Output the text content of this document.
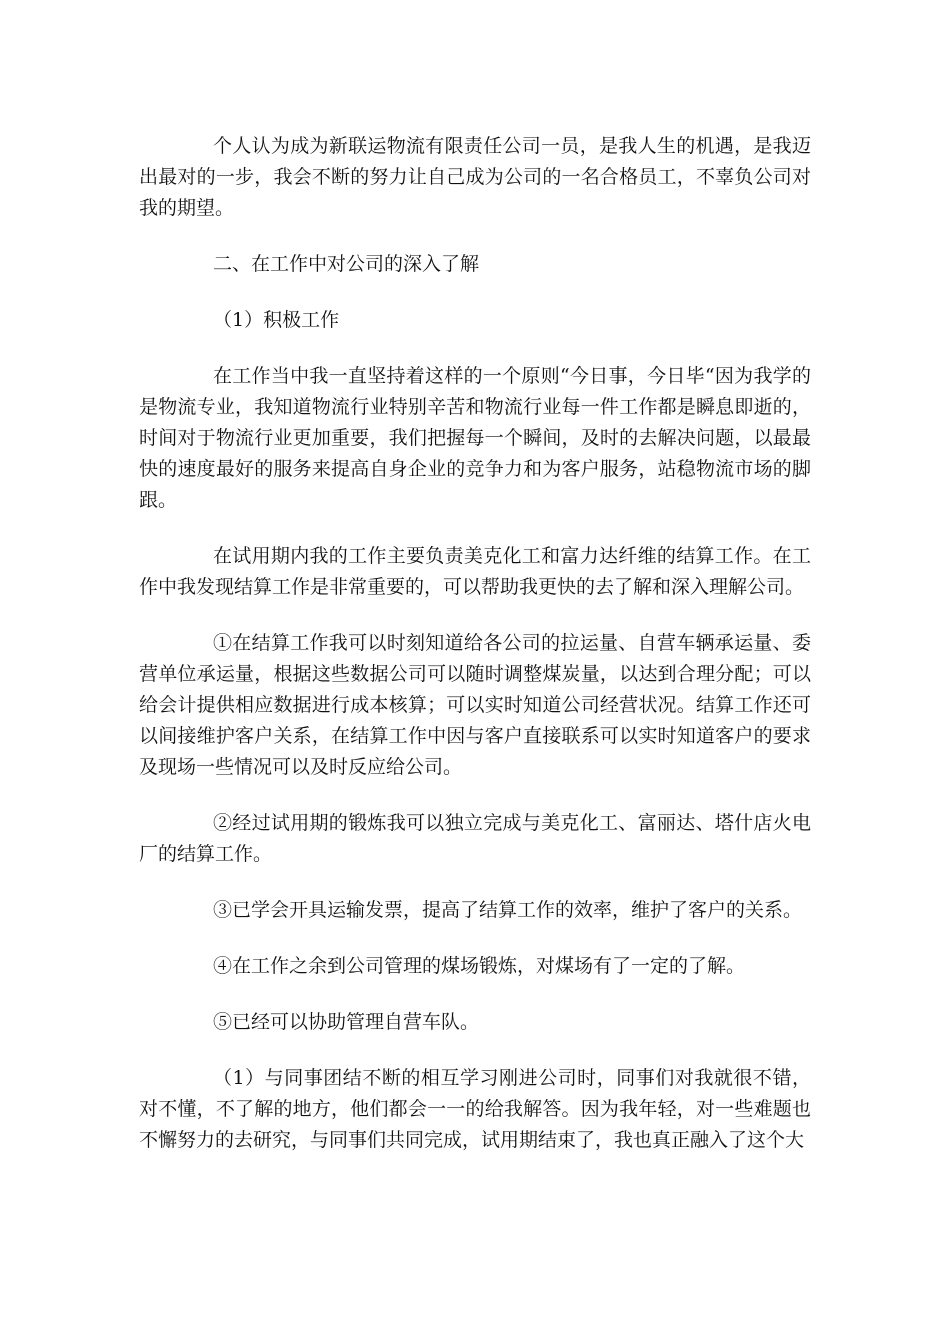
个人认为成为新联运物流有限责任公司一员，是我人生的机遇，是我迈出最对的一步，我会不断的努力让自己成为公司的一名合格员工，不辜负公司对我的期望。

二、在工作中对公司的深入了解

（1）积极工作

在工作当中我一直坚持着这样的一个原则“今日事，今日毕“因为我学的是物流专业，我知道物流行业特别辛苦和物流行业每一件工作都是瞬息即逝的，时间对于物流行业更加重要，我们把握每一个瞬间，及时的去解决问题，以最最快的速度最好的服务来提高自身企业的竞争力和为客户服务，站稳物流市场的脚跟。

在试用期内我的工作主要负责美克化工和富力达纤维的结算工作。在工作中我发现结算工作是非常重要的，可以帮助我更快的去了解和深入理解公司。

①在结算工作我可以时刻知道给各公司的拉运量、自营车辆承运量、委营单位承运量，根据这些数据公司可以随时调整煤炭量，以达到合理分配；可以给会计提供相应数据进行成本核算；可以实时知道公司经营状况。结算工作还可以间接维护客户关系，在结算工作中因与客户直接联系可以实时知道客户的要求及现场一些情况可以及时反应给公司。

②经过试用期的锻炼我可以独立完成与美克化工、富丽达、塔什店火电厂的结算工作。

③已学会开具运输发票，提高了结算工作的效率，维护了客户的关系。

④在工作之余到公司管理的煤场锻炼，对煤场有了一定的了解。

⑤已经可以协助管理自营车队。

（1）与同事团结不断的相互学习刚进公司时，同事们对我就很不错，对不懂，不了解的地方，他们都会一一的给我解答。因为我年轻，对一些难题也不懈努力的去研究，与同事们共同完成，试用期结束了，我也真正融入了这个大
